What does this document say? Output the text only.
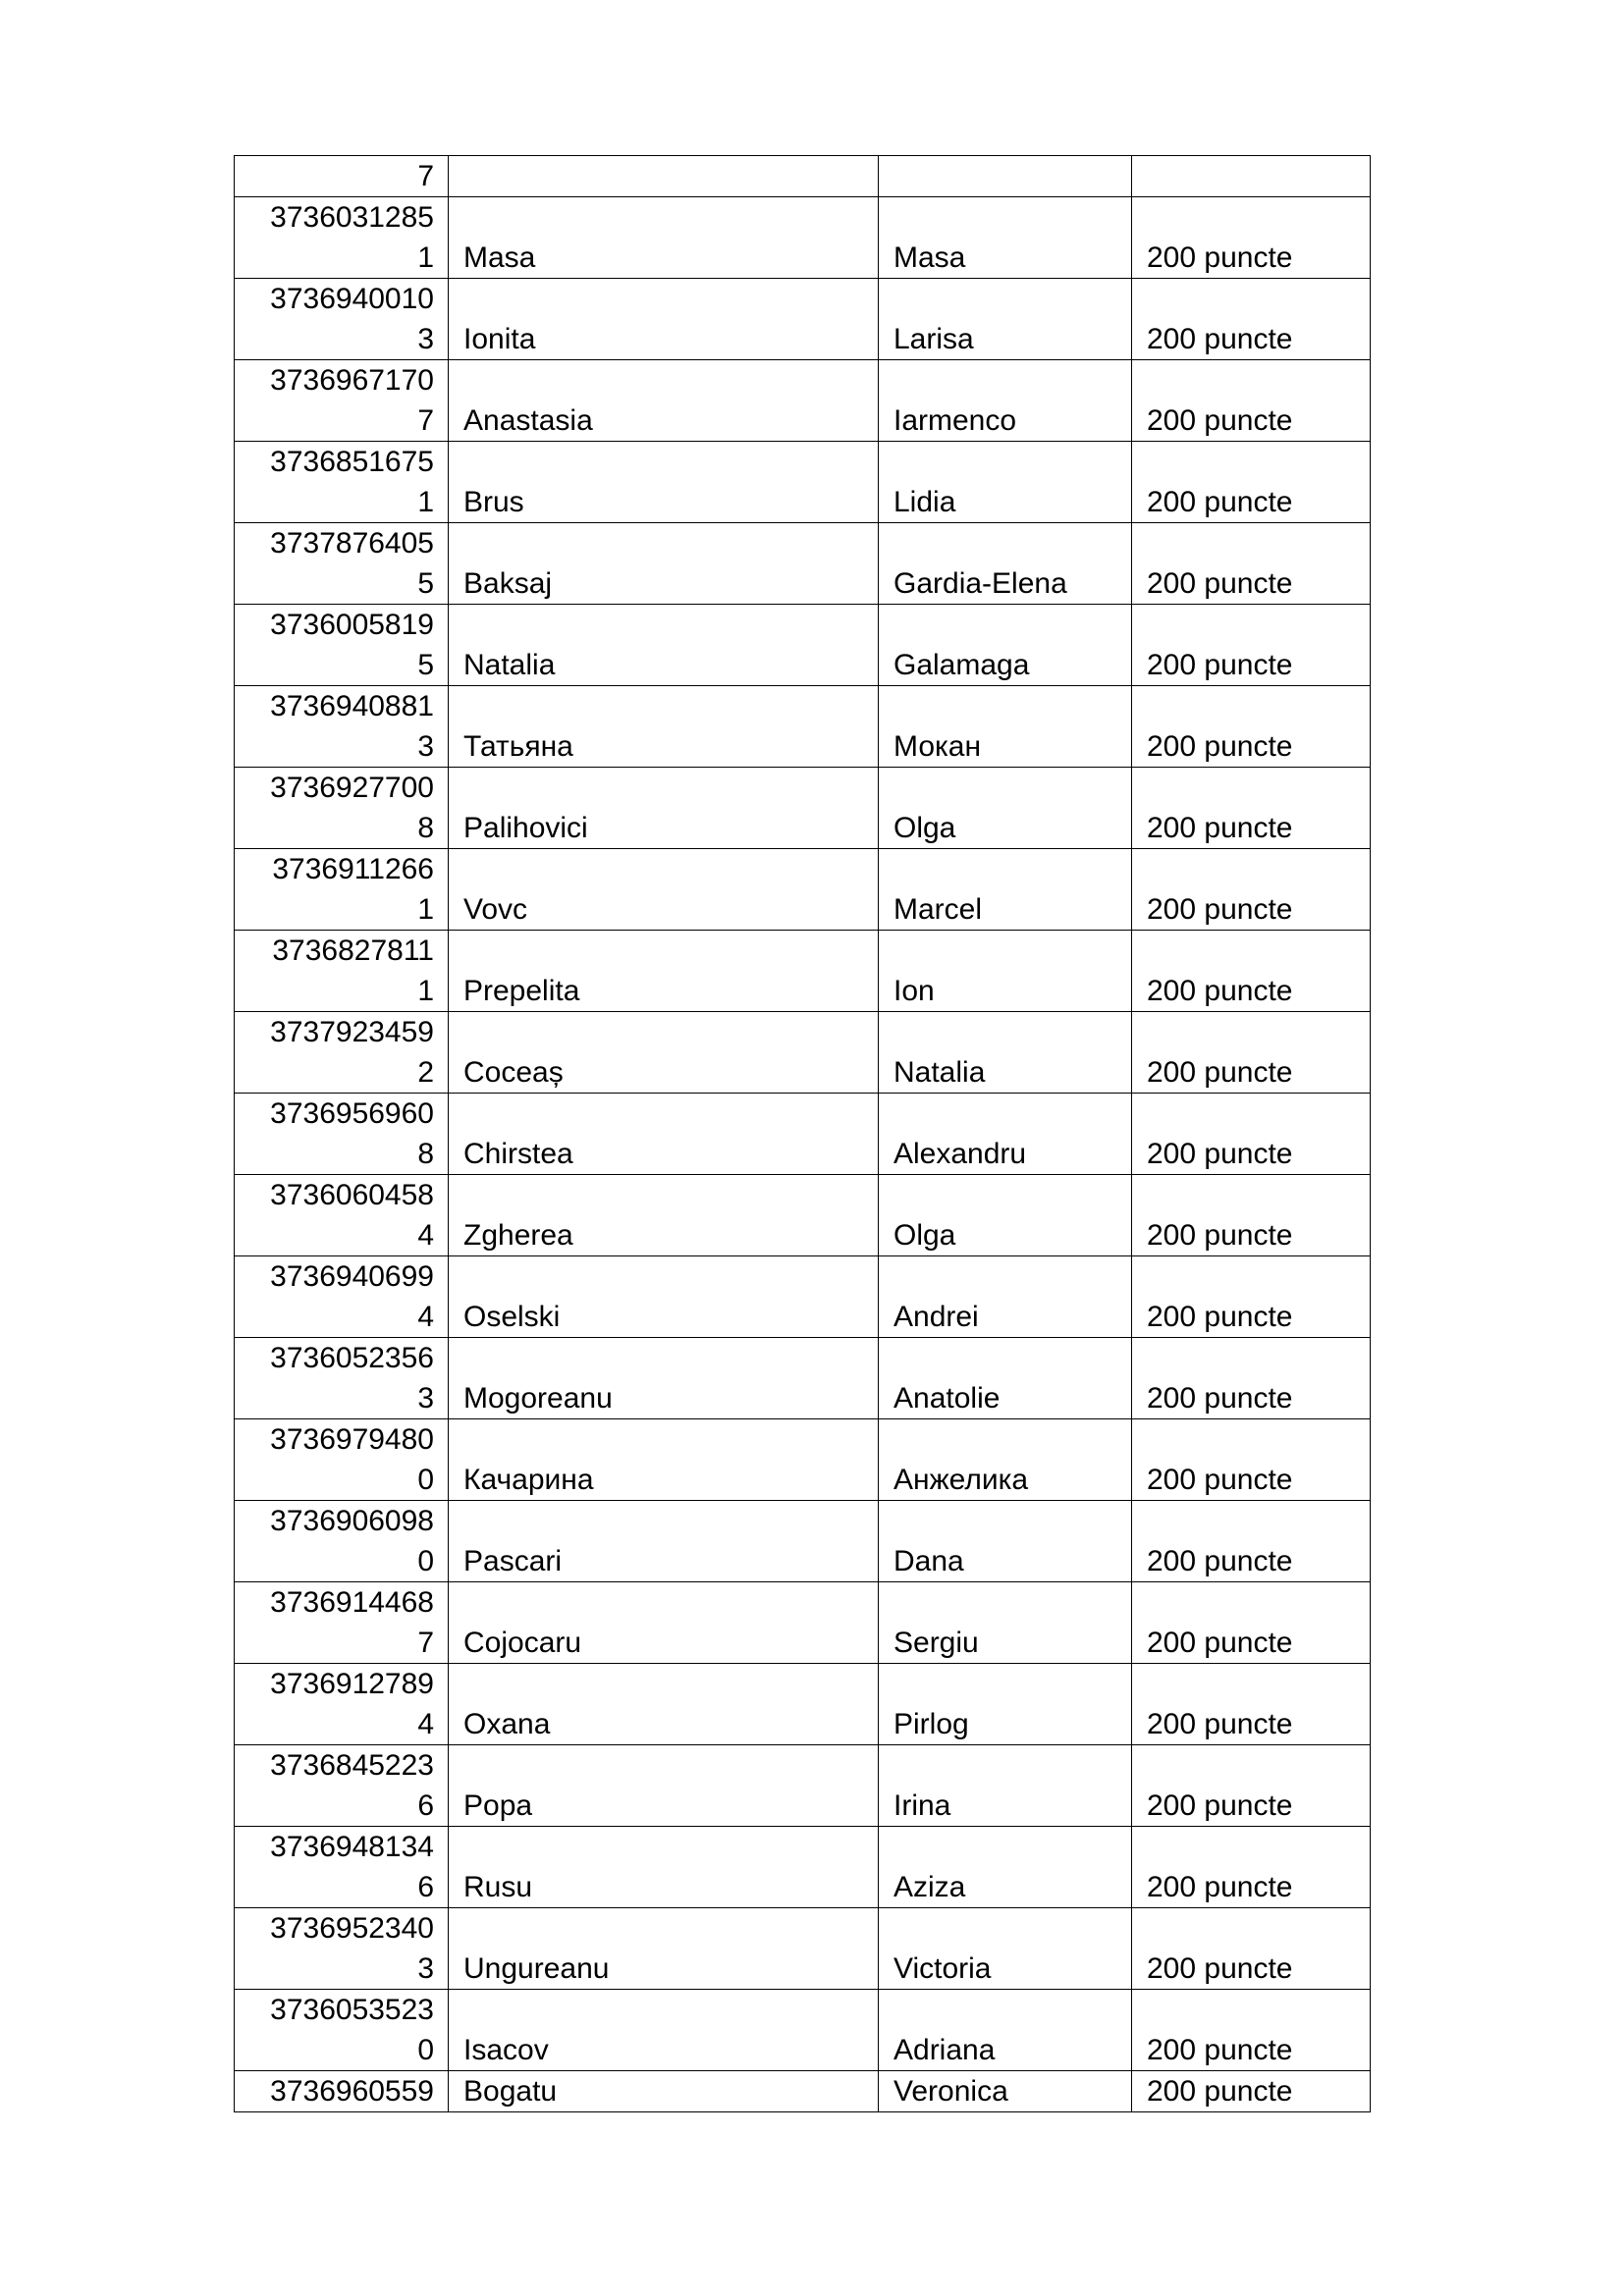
7			

3736031285
1	Masa	Masa	200 puncte

3736940010
3	Ionita	Larisa	200 puncte

3736967170
7	Anastasia	Iarmenco	200 puncte

3736851675
1	Brus	Lidia	200 puncte

3737876405
5	Baksaj	Gardia-Elena	200 puncte

3736005819
5	Natalia	Galamaga	200 puncte

3736940881
3	Татьяна	Мокан	200 puncte

3736927700
8	Palihovici	Olga	200 puncte

3736911266
1	Vovc	Marcel	200 puncte

3736827811
1	Prepelita	Ion	200 puncte

3737923459
2	Coceaș	Natalia	200 puncte

3736956960
8	Chirstea	Alexandru	200 puncte

3736060458
4	Zgherea	Olga	200 puncte

3736940699
4	Oselski	Andrei	200 puncte

3736052356
3	Mogoreanu	Anatolie	200 puncte

3736979480
0	Качарина	Анжелика	200 puncte

3736906098
0	Pascari	Dana	200 puncte

3736914468
7	Cojocaru	Sergiu	200 puncte

3736912789
4	Oxana	Pirlog	200 puncte

3736845223
6	Popa	Irina	200 puncte

3736948134
6	Rusu	Aziza	200 puncte

3736952340
3	Ungureanu	Victoria	200 puncte

3736053523
0	Isacov	Adriana	200 puncte

3736960559	Bogatu	Veronica	200 puncte
